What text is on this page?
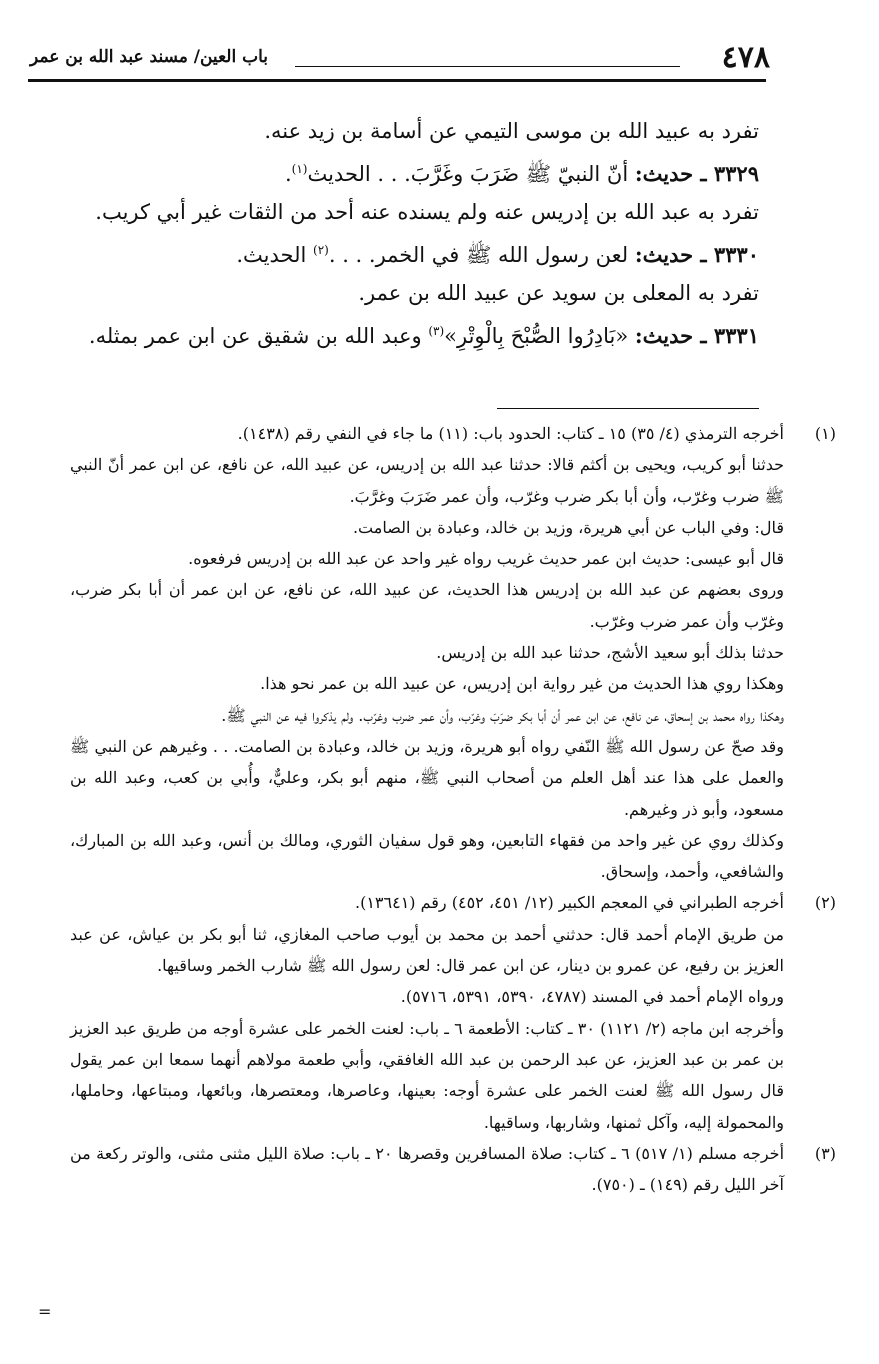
٤٧٨
باب العين/ مسند عبد الله بن عمر

تفرد به عبيد الله بن موسى التيمي عن أسامة بن زيد عنه.

٣٣٢٩ ـ حديث: أنّ النبيّ ﷺ ضَرَبَ وغَرَّبَ. . . الحديث$^{(١)}$.

تفرد به عبد الله بن إدريس عنه ولم يسنده عنه أحد من الثقات غير أبي كريب.

٣٣٣٠ ـ حديث: لعن رسول الله ﷺ في الخمر. . . .$^{(٢)}$ الحديث.

تفرد به المعلى بن سويد عن عبيد الله بن عمر.

٣٣٣١ ـ حديث: «بَادِرُوا الصُّبْحَ بِالْوِتْرِ»$^{(٣)}$ وعبد الله بن شقيق عن ابن عمر بمثله.

(١)

أخرجه الترمذي (٤/ ٣٥) ١٥ ـ كتاب: الحدود باب: (١١) ما جاء في النفي رقم (١٤٣٨).

حدثنا أبو كريب، ويحيى بن أكثم قالا: حدثنا عبد الله بن إدريس، عن عبيد الله، عن نافع، عن ابن عمر أنّ النبي ﷺ ضرب وغرّب، وأن أبا بكر ضرب وغرّب، وأن عمر ضَرَبَ وغرَّبَ.

قال: وفي الباب عن أبي هريرة، وزيد بن خالد، وعبادة بن الصامت.

قال أبو عيسى: حديث ابن عمر حديث غريب رواه غير واحد عن عبد الله بن إدريس فرفعوه.

وروى بعضهم عن عبد الله بن إدريس هذا الحديث، عن عبيد الله، عن نافع، عن ابن عمر أن أبا بكر ضرب، وغرّب وأن عمر ضرب وغرّب.

حدثنا بذلك أبو سعيد الأشج، حدثنا عبد الله بن إدريس.

وهكذا روي هذا الحديث من غير رواية ابن إدريس، عن عبيد الله بن عمر نحو هذا.

وهكذا رواه محمد بن إسحاق، عن نافع، عن ابن عمر أن أبا بكر ضرَبَ وغرّب، وأن عمر ضرب وغرّب. ولم يذكروا فيه عن النبي ﷺ.

وقد صحّ عن رسول الله ﷺ النّفي رواه أبو هريرة، وزيد بن خالد، وعبادة بن الصامت. . . وغيرهم عن النبي ﷺ والعمل على هذا عند أهل العلم من أصحاب النبي ﷺ، منهم أبو بكر، وعليٌّ، وأُبي بن كعب، وعبد الله بن مسعود، وأبو ذر وغيرهم.

وكذلك روي عن غير واحد من فقهاء التابعين، وهو قول سفيان الثوري، ومالك بن أنس، وعبد الله بن المبارك، والشافعي، وأحمد، وإسحاق.

(٢)

أخرجه الطبراني في المعجم الكبير (١٢/ ٤٥١، ٤٥٢) رقم (١٣٦٤١).

من طريق الإمام أحمد قال: حدثني أحمد بن محمد بن أيوب صاحب المغازي، ثنا أبو بكر بن عياش، عن عبد العزيز بن رفيع، عن عمرو بن دينار، عن ابن عمر قال: لعن رسول الله ﷺ شارب الخمر وساقيها.

ورواه الإمام أحمد في المسند (٤٧٨٧، ٥٣٩٠، ٥٣٩١، ٥٧١٦).

وأخرجه ابن ماجه (٢/ ١١٢١) ٣٠ ـ كتاب: الأطعمة ٦ ـ باب: لعنت الخمر على عشرة أوجه من طريق عبد العزيز بن عمر بن عبد العزيز، عن عبد الرحمن بن عبد الله الغافقي، وأبي طعمة مولاهم أنهما سمعا ابن عمر يقول قال رسول الله ﷺ لعنت الخمر على عشرة أوجه: بعينها، وعاصرها، ومعتصرها، وبائعها، ومبتاعها، وحاملها، والمحمولة إليه، وآكل ثمنها، وشاربها، وساقيها.

(٣)

أخرجه مسلم (١/ ٥١٧) ٦ ـ كتاب: صلاة المسافرين وقصرها ٢٠ ـ باب: صلاة الليل مثنى مثنى، والوتر ركعة من آخر الليل رقم (١٤٩) ـ (٧٥٠).

=
